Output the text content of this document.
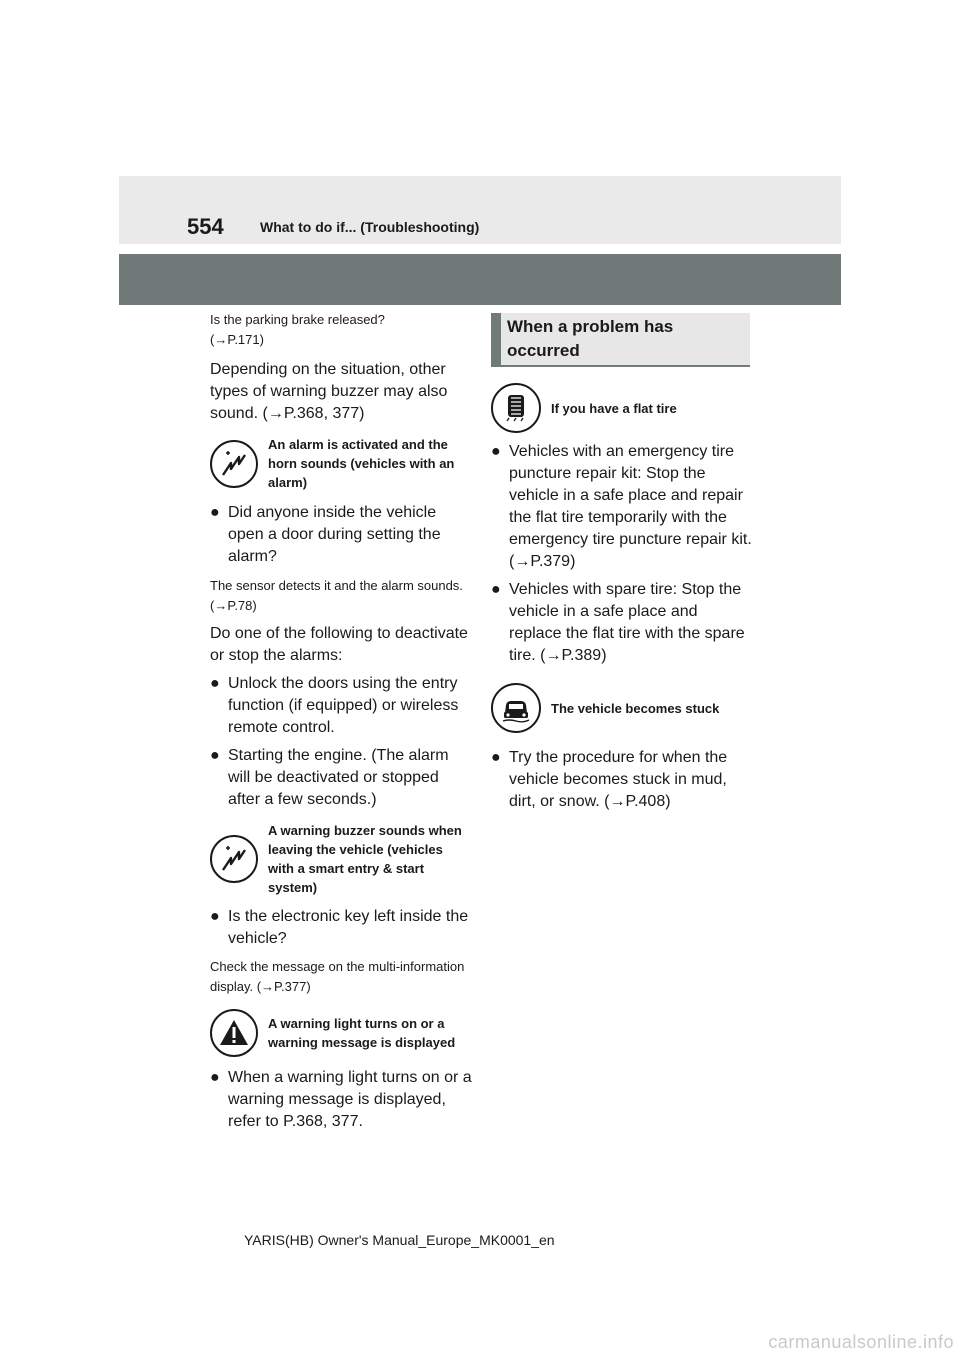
554	What to do if... (Troubleshooting)

Is the parking brake released?

(→P.171)

Depending on the situation, other types of warning buzzer may also sound. (→P.368, 377)

An alarm is activated and the horn sounds (vehicles with an alarm)
● Did anyone inside the vehicle open a door during setting the alarm?

The sensor detects it and the alarm sounds. (→P.78)

Do one of the following to deactivate or stop the alarms:

● Unlock the doors using the entry function (if equipped) or wireless remote control.
● Starting the engine. (The alarm will be deactivated or stopped after a few seconds.)
A warning buzzer sounds when leaving the vehicle (vehicles with a smart entry & start system)
● Is the electronic key left inside the vehicle?

Check the message on the multi-information display. (→P.377)

A warning light turns on or a warning message is displayed
● When a warning light turns on or a warning message is displayed, refer to P.368, 377.
When a problem has occurred
If you have a flat tire
● Vehicles with an emergency tire puncture repair kit: Stop the vehicle in a safe place and repair the flat tire temporarily with the emergency tire puncture repair kit. (→P.379)
● Vehicles with spare tire: Stop the vehicle in a safe place and replace the flat tire with the spare tire. (→P.389)
The vehicle becomes stuck
● Try the procedure for when the vehicle becomes stuck in mud, dirt, or snow. (→P.408)
YARIS(HB) Owner's Manual_Europe_MK0001_en
carmanualsonline.info
